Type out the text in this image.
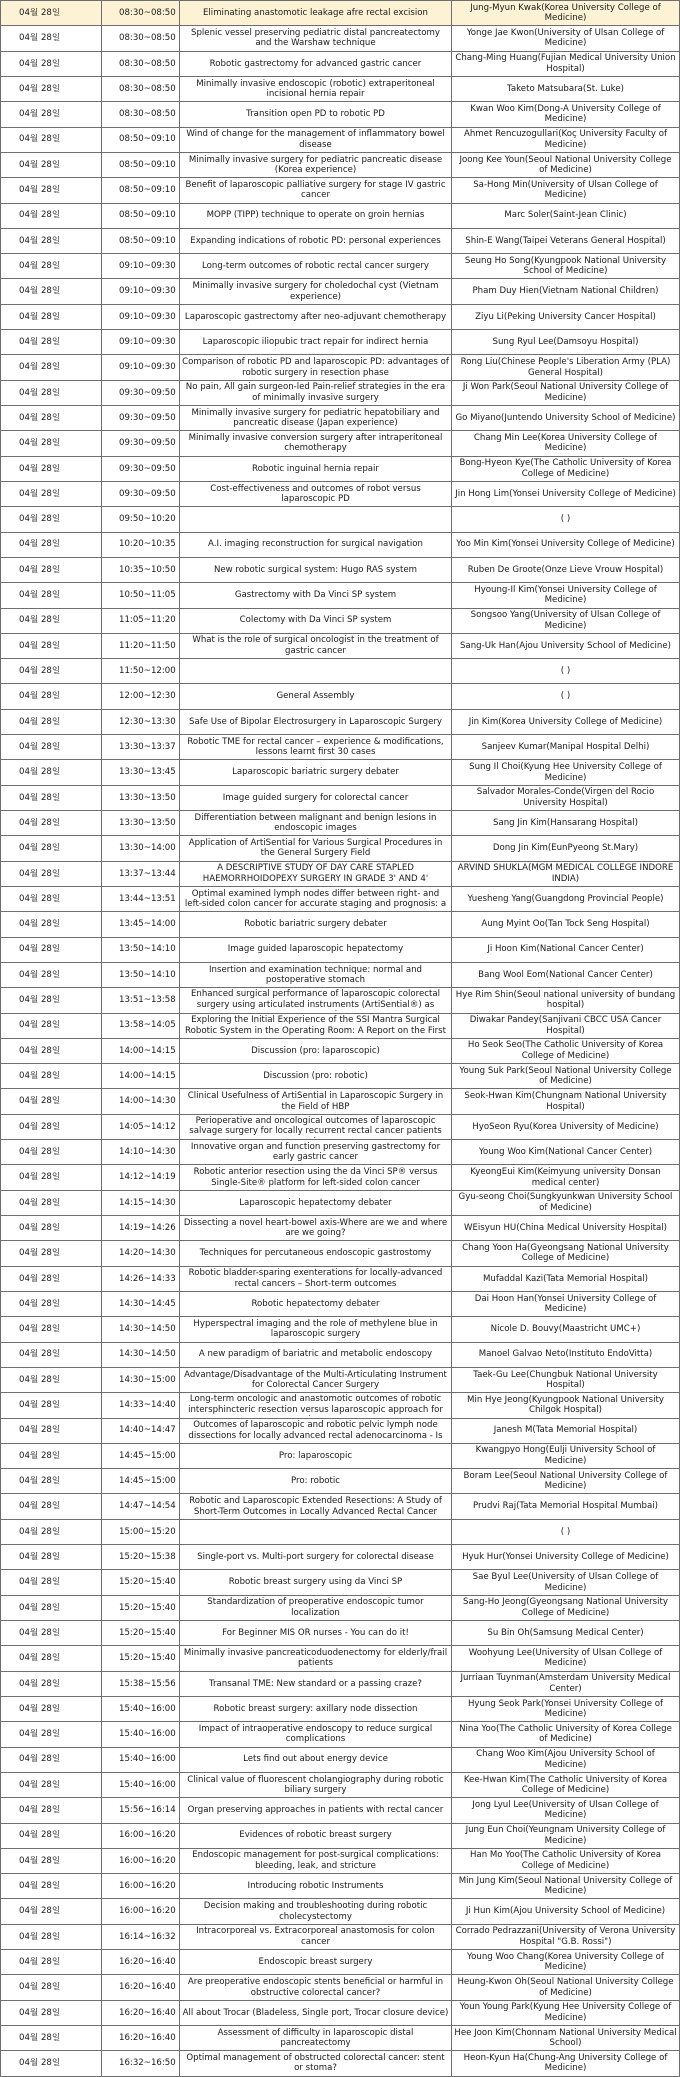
04월 28일	08:30~08:50	Eliminating anastomotic leakage afre rectal excision	Jung-Myun Kwak(Korea University College of Medicine)

04월 28일	08:30~08:50	Splenic vessel preserving pediatric distal pancreatectomy and the Warshaw technique	Yonge Jae Kwon(University of Ulsan College of Medicine)

04월 28일	08:30~08:50	Robotic gastrectomy for advanced gastric cancer	Chang-Ming Huang(Fujian Medical University Union Hospital)

04월 28일	08:30~08:50	Minimally invasive endoscopic (robotic) extraperitoneal incisional hernia repair	Taketo Matsubara(St. Luke)

04월 28일	08:30~08:50	Transition open PD to robotic PD	Kwan Woo Kim(Dong-A University College of Medicine)

04월 28일	08:50~09:10	Wind of change for the management of inflammatory bowel disease	Ahmet Rencuzogullari(Koç University Faculty of Medicine)

04월 28일	08:50~09:10	Minimally invasive surgery for pediatric pancreatic disease (Korea experience)	Joong Kee Youn(Seoul National University College of Medicine)

04월 28일	08:50~09:10	Benefit of laparoscopic palliative surgery for stage IV gastric cancer	Sa-Hong Min(University of Ulsan College of Medicine)

04월 28일	08:50~09:10	MOPP (TIPP) technique to operate on groin hernias	Marc Soler(Saint-Jean Clinic)

04월 28일	08:50~09:10	Expanding indications of robotic PD: personal experiences	Shin-E Wang(Taipei Veterans General Hospital)

04월 28일	09:10~09:30	Long-term outcomes of robotic rectal cancer surgery	Seung Ho Song(Kyungpook National University School of Medicine)

04월 28일	09:10~09:30	Minimally invasive surgery for choledochal cyst (Vietnam experience)	Pham Duy Hien(Vietnam National Children)

04월 28일	09:10~09:30	Laparoscopic gastrectomy after neo-adjuvant chemotherapy	Ziyu Li(Peking University Cancer Hospital)

04월 28일	09:10~09:30	Laparoscopic iliopubic tract repair for indirect hernia	Sung Ryul Lee(Damsoyu Hospital)

04월 28일	09:10~09:30	Comparison of robotic PD and laparoscopic PD: advantages of robotic surgery in resection phase	Rong Liu(Chinese People's Liberation Army (PLA) General Hospital)

04월 28일	09:30~09:50	No pain, All gain surgeon-led Pain-relief strategies in the era of minimally invasive surgery	Ji Won Park(Seoul National University College of Medicine)

04월 28일	09:30~09:50	Minimally invasive surgery for pediatric hepatobiliary and pancreatic disease (Japan experience)	Go Miyano(Juntendo University School of Medicine)

04월 28일	09:30~09:50	Minimally invasive conversion surgery after intraperitoneal chemotherapy	Chang Min Lee(Korea University College of Medicine)

04월 28일	09:30~09:50	Robotic inguinal hernia repair	Bong-Hyeon Kye(The Catholic University of Korea College of Medicine)

04월 28일	09:30~09:50	Cost-effectiveness and outcomes of robot versus laparoscopic PD	Jin Hong Lim(Yonsei University College of Medicine)

04월 28일	09:50~10:20		( )

04월 28일	10:20~10:35	A.I. imaging reconstruction for surgical navigation	Yoo Min Kim(Yonsei University College of Medicine)

04월 28일	10:35~10:50	New robotic surgical system: Hugo RAS system	Ruben De Groote(Onze Lieve Vrouw Hospital)

04월 28일	10:50~11:05	Gastrectomy with Da Vinci SP system	Hyoung-Il Kim(Yonsei University College of Medicine)

04월 28일	11:05~11:20	Colectomy with Da Vinci SP system	Songsoo Yang(University of Ulsan College of Medicine)

04월 28일	11:20~11:50	What is the role of surgical oncologist in the treatment of gastric cancer	Sang-Uk Han(Ajou University School of Medicine)

04월 28일	11:50~12:00		( )

04월 28일	12:00~12:30	General Assembly	( )

04월 28일	12:30~13:30	Safe Use of Bipolar Electrosurgery in Laparoscopic Surgery	Jin Kim(Korea University College of Medicine)

04월 28일	13:30~13:37	Robotic TME for rectal cancer – experience & modifications, lessons learnt first 30 cases	Sanjeev Kumar(Manipal Hospital Delhi)

04월 28일	13:30~13:45	Laparoscopic bariatric surgery debater	Sung Il Choi(Kyung Hee University College of Medicine)

04월 28일	13:30~13:50	Image guided surgery for colorectal cancer	Salvador Morales-Conde(Virgen del Rocio University Hospital)

04월 28일	13:30~13:50	Differentiation between malignant and benign lesions in endoscopic images	Sang Jin Kim(Hansarang Hospital)

04월 28일	13:30~14:00	Application of ArtiSential for Various Surgical Procedures in the General Surgery Field	Dong Jin Kim(EunPyeong St.Mary)

04월 28일	13:37~13:44	A DESCRIPTIVE STUDY OF DAY CARE STAPLED HAEMORRHOIDOPEXY SURGERY IN GRADE 3' AND 4'	ARVIND SHUKLA(MGM MEDICAL COLLEGE INDORE INDIA)

04월 28일	13:44~13:51	Optimal examined lymph nodes differ between right- and left-sided colon cancer for accurate staging and prognosis: a	Yuesheng Yang(Guangdong Provincial People)

04월 28일	13:45~14:00	Robotic bariatric surgery debater	Aung Myint Oo(Tan Tock Seng Hospital)

04월 28일	13:50~14:10	Image guided laparoscopic hepatectomy	Ji Hoon Kim(National Cancer Center)

04월 28일	13:50~14:10	Insertion and examination technique: normal and postoperative stomach	Bang Wool Eom(National Cancer Center)

04월 28일	13:51~13:58	Enhanced surgical performance of laparoscopic colorectal surgery using articulated instruments (ArtiSential®) as	Hye Rim Shin(Seoul national university of bundang hospital)

04월 28일	13:58~14:05	Exploring the Initial Experience of the SSI Mantra Surgical Robotic System in the Operating Room: A Report on the First	Diwakar Pandey(Sanjivani CBCC USA Cancer Hospital)

04월 28일	14:00~14:15	Discussion (pro: laparoscopic)	Ho Seok Seo(The Catholic University of Korea College of Medicine)

04월 28일	14:00~14:15	Discussion (pro: robotic)	Young Suk Park(Seoul National University College of Medicine)

04월 28일	14:00~14:30	Clinical Usefulness of ArtiSential in Laparoscopic Surgery in the Field of HBP	Seok-Hwan Kim(Chungnam National University Hospital)

04월 28일	14:05~14:12	Perioperative and oncological outcomes of laparoscopic salvage surgery for locally recurrent rectal cancer patients	HyoSeon Ryu(Korea University of Medicine)

04월 28일	14:10~14:30	Innovative organ and function preserving gastrectomy for early gastric cancer	Young Woo Kim(National Cancer Center)

04월 28일	14:12~14:19	Robotic anterior resection using the da Vinci SP® versus Single-Site® platform for left-sided colon cancer	KyeongEui Kim(Keimyung university Donsan medical center)

04월 28일	14:15~14:30	Laparoscopic hepatectomy debater	Gyu-seong Choi(Sungkyunkwan University School of Medicine)

04월 28일	14:19~14:26	Dissecting a novel heart-bowel axis-Where are we and where are we going?	WEisyun HU(China Medical University Hospital)

04월 28일	14:20~14:30	Techniques for percutaneous endoscopic gastrostomy	Chang Yoon Ha(Gyeongsang National University College of Medicine)

04월 28일	14:26~14:33	Robotic bladder-sparing exenterations for locally-advanced rectal cancers – Short-term outcomes	Mufaddal Kazi(Tata Memorial Hospital)

04월 28일	14:30~14:45	Robotic hepatectomy debater	Dai Hoon Han(Yonsei University College of Medicine)

04월 28일	14:30~14:50	Hyperspectral imaging and the role of methylene blue in laparoscopic surgery	Nicole D. Bouvy(Maastricht UMC+)

04월 28일	14:30~14:50	A new paradigm of bariatric and metabolic endoscopy	Manoel Galvao Neto(Instituto EndoVitta)

04월 28일	14:30~15:00	Advantage/Disadvantage of the Multi-Articulating Instrument for Colorectal Cancer Surgery	Taek-Gu Lee(Chungbuk National University Hospital)

04월 28일	14:33~14:40	Long-term oncologic and anastomotic outcomes of robotic intersphincteric resection versus laparoscopic approach for	Min Hye Jeong(Kyungpook National University Chilgok Hospital)

04월 28일	14:40~14:47	Outcomes of laparoscopic and robotic pelvic lymph node dissections for locally advanced rectal adenocarcinoma - Is	Janesh M(Tata Memorial Hospital)

04월 28일	14:45~15:00	Pro: laparoscopic	Kwangpyo Hong(Eulji University School of Medicine)

04월 28일	14:45~15:00	Pro: robotic	Boram Lee(Seoul National University College of Medicine)

04월 28일	14:47~14:54	Robotic and Laparoscopic Extended Resections: A Study of Short-Term Outcomes in Locally Advanced Rectal Cancer	Prudvi Raj(Tata Memorial Hospital Mumbai)

04월 28일	15:00~15:20		( )

04월 28일	15:20~15:38	Single-port vs. Multi-port surgery for colorectal disease	Hyuk Hur(Yonsei University College of Medicine)

04월 28일	15:20~15:40	Robotic breast surgery using da Vinci SP	Sae Byul Lee(University of Ulsan College of Medicine)

04월 28일	15:20~15:40	Standardization of preoperative endoscopic tumor localization	Sang-Ho Jeong(Gyeongsang National University College of Medicine)

04월 28일	15:20~15:40	For Beginner MIS OR nurses - You can do it!	Su Bin Oh(Samsung Medical Center)

04월 28일	15:20~15:40	Minimally invasive pancreaticoduodenectomy for elderly/frail patients	Woohyung Lee(University of Ulsan College of Medicine)

04월 28일	15:38~15:56	Transanal TME: New standard or a passing craze?	Jurriaan Tuynman(Amsterdam University Medical Center)

04월 28일	15:40~16:00	Robotic breast surgery: axillary node dissection	Hyung Seok Park(Yonsei University College of Medicine)

04월 28일	15:40~16:00	Impact of intraoperative endoscopy to reduce surgical complications	Nina Yoo(The Catholic University of Korea College of Medicine)

04월 28일	15:40~16:00	Lets find out about energy device	Chang Woo Kim(Ajou University School of Medicine)

04월 28일	15:40~16:00	Clinical value of fluorescent cholangiography during robotic biliary surgery	Kee-Hwan Kim(The Catholic University of Korea College of Medicine)

04월 28일	15:56~16:14	Organ preserving approaches in patients with rectal cancer	Jong Lyul Lee(University of Ulsan College of Medicine)

04월 28일	16:00~16:20	Evidences of robotic breast surgery	Jung Eun Choi(Yeungnam University College of Medicine)

04월 28일	16:00~16:20	Endoscopic management for post-surgical complications: bleeding, leak, and stricture	Han Mo Yoo(The Catholic University of Korea College of Medicine)

04월 28일	16:00~16:20	Introducing robotic Instruments	Min Jung Kim(Seoul National University College of Medicine)

04월 28일	16:00~16:20	Decision making and troubleshooting during robotic cholecystectomy	Ji Hun Kim(Ajou University School of Medicine)

04월 28일	16:14~16:32	Intracorporeal vs. Extracorporeal anastomosis for colon cancer	Corrado Pedrazzani(University of Verona University Hospital "G.B. Rossi")

04월 28일	16:20~16:40	Endoscopic breast surgery	Young Woo Chang(Korea University College of Medicine)

04월 28일	16:20~16:40	Are preoperative endoscopic stents beneficial or harmful in obstructive colorectal cancer?	Heung-Kwon Oh(Seoul National University College of Medicine)

04월 28일	16:20~16:40	All about Trocar (Bladeless, Single port, Trocar closure device)	Youn Young Park(Kyung Hee University College of Medicine)

04월 28일	16:20~16:40	Assessment of difficulty in laparoscopic distal pancreatectomy	Hee Joon Kim(Chonnam National University Medical School)

04월 28일	16:32~16:50	Optimal management of obstructed colorectal cancer: stent or stoma?	Heon-Kyun Ha(Chung-Ang University College of Medicine)
